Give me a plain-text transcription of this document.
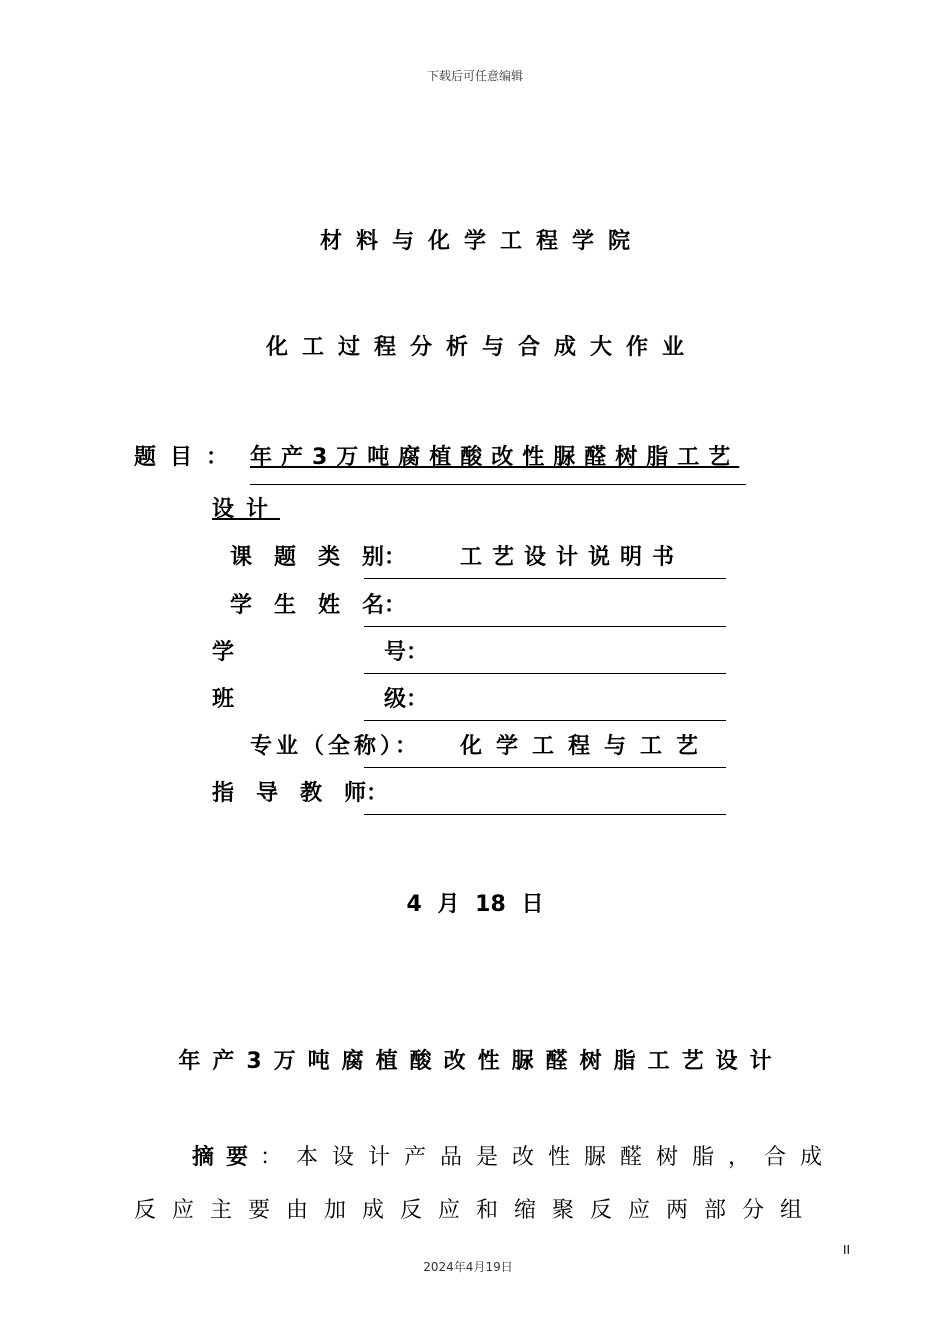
下载后可任意编辑
材料与化学工程学院
化工过程分析与合成大作业
题目： 年产3万吨腐植酸改性脲醛树脂工艺
设计
课　题　类　别： 工艺设计说明书
学　生　姓　名：
学	号：
班	级：
专业（全称）： 化学工程与工艺
指　导　教　师：
4 月 18 日
年产3万吨腐植酸改性脲醛树脂工艺设计
摘要：本设计产品是改性脲醛树脂，合成
反应主要由加成反应和缩聚反应两部分组
II
2024年4月19日
